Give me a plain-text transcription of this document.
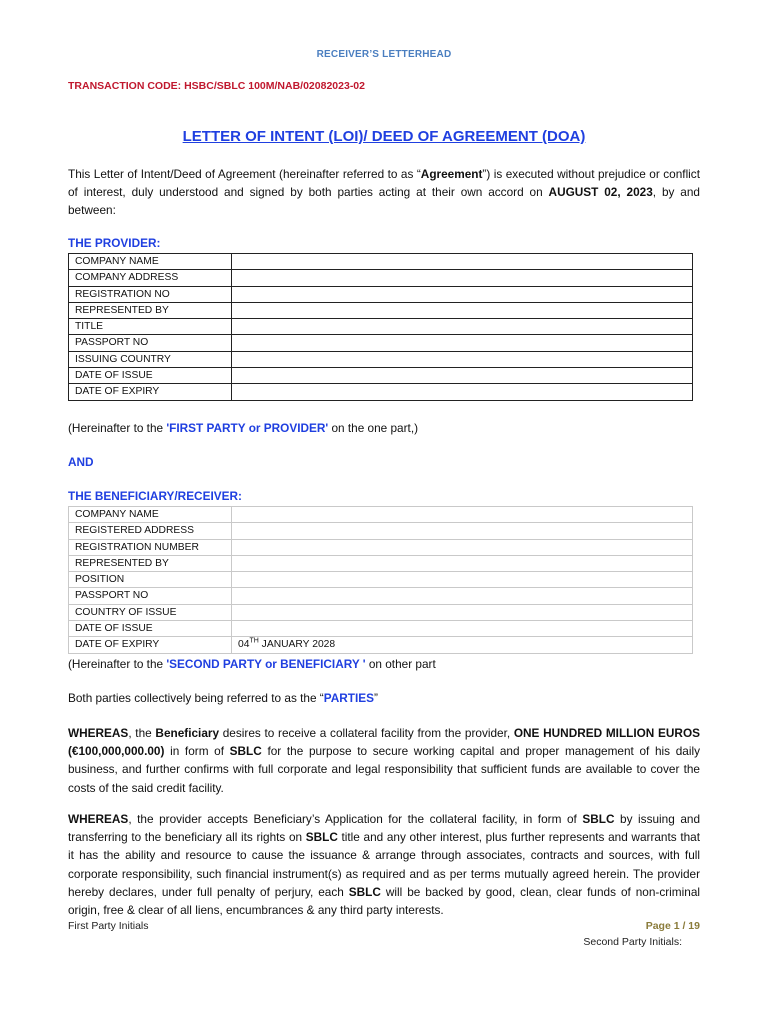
RECEIVER’S LETTERHEAD
TRANSACTION CODE: HSBC/SBLC 100M/NAB/02082023-02
LETTER OF INTENT (LOI)/ DEED OF AGREEMENT (DOA)
This Letter of Intent/Deed of Agreement (hereinafter referred to as “Agreement”) is executed without prejudice or conflict of interest, duly understood and signed by both parties acting at their own accord on AUGUST 02, 2023, by and between:
THE PROVIDER:
COMPANY NAME	
COMPANY ADDRESS	
REGISTRATION NO	
REPRESENTED BY	
TITLE	
PASSPORT NO	
ISSUING COUNTRY	
DATE OF ISSUE	
DATE OF EXPIRY	
(Hereinafter to the 'FIRST PARTY or PROVIDER' on the one part,)
AND
THE BENEFICIARY/RECEIVER:
COMPANY NAME	
REGISTERED ADDRESS	
REGISTRATION NUMBER	
REPRESENTED BY	
POSITION	
PASSPORT NO	
COUNTRY OF ISSUE	
DATE OF ISSUE	
DATE OF EXPIRY	04TH JANUARY 2028
(Hereinafter to the 'SECOND PARTY or BENEFICIARY ' on other part
Both parties collectively being referred to as the “PARTIES”
WHEREAS, the Beneficiary desires to receive a collateral facility from the provider, ONE HUNDRED MILLION EUROS (€100,000,000.00) in form of SBLC for the purpose to secure working capital and proper management of his daily business, and further confirms with full corporate and legal responsibility that sufficient funds are available to cover the costs of the said credit facility.
WHEREAS, the provider accepts Beneficiary’s Application for the collateral facility, in form of SBLC by issuing and transferring to the beneficiary all its rights on SBLC title and any other interest, plus further represents and warrants that it has the ability and resource to cause the issuance & arrange through associates, contracts and sources, with full corporate responsibility, such financial instrument(s) as required and as per terms mutually agreed herein. The provider hereby declares, under full penalty of perjury, each SBLC will be backed by good, clean, clear funds of non-criminal origin, free & clear of all liens, encumbrances & any third party interests.
First Party Initials	Page 1 / 19
Second Party Initials:
